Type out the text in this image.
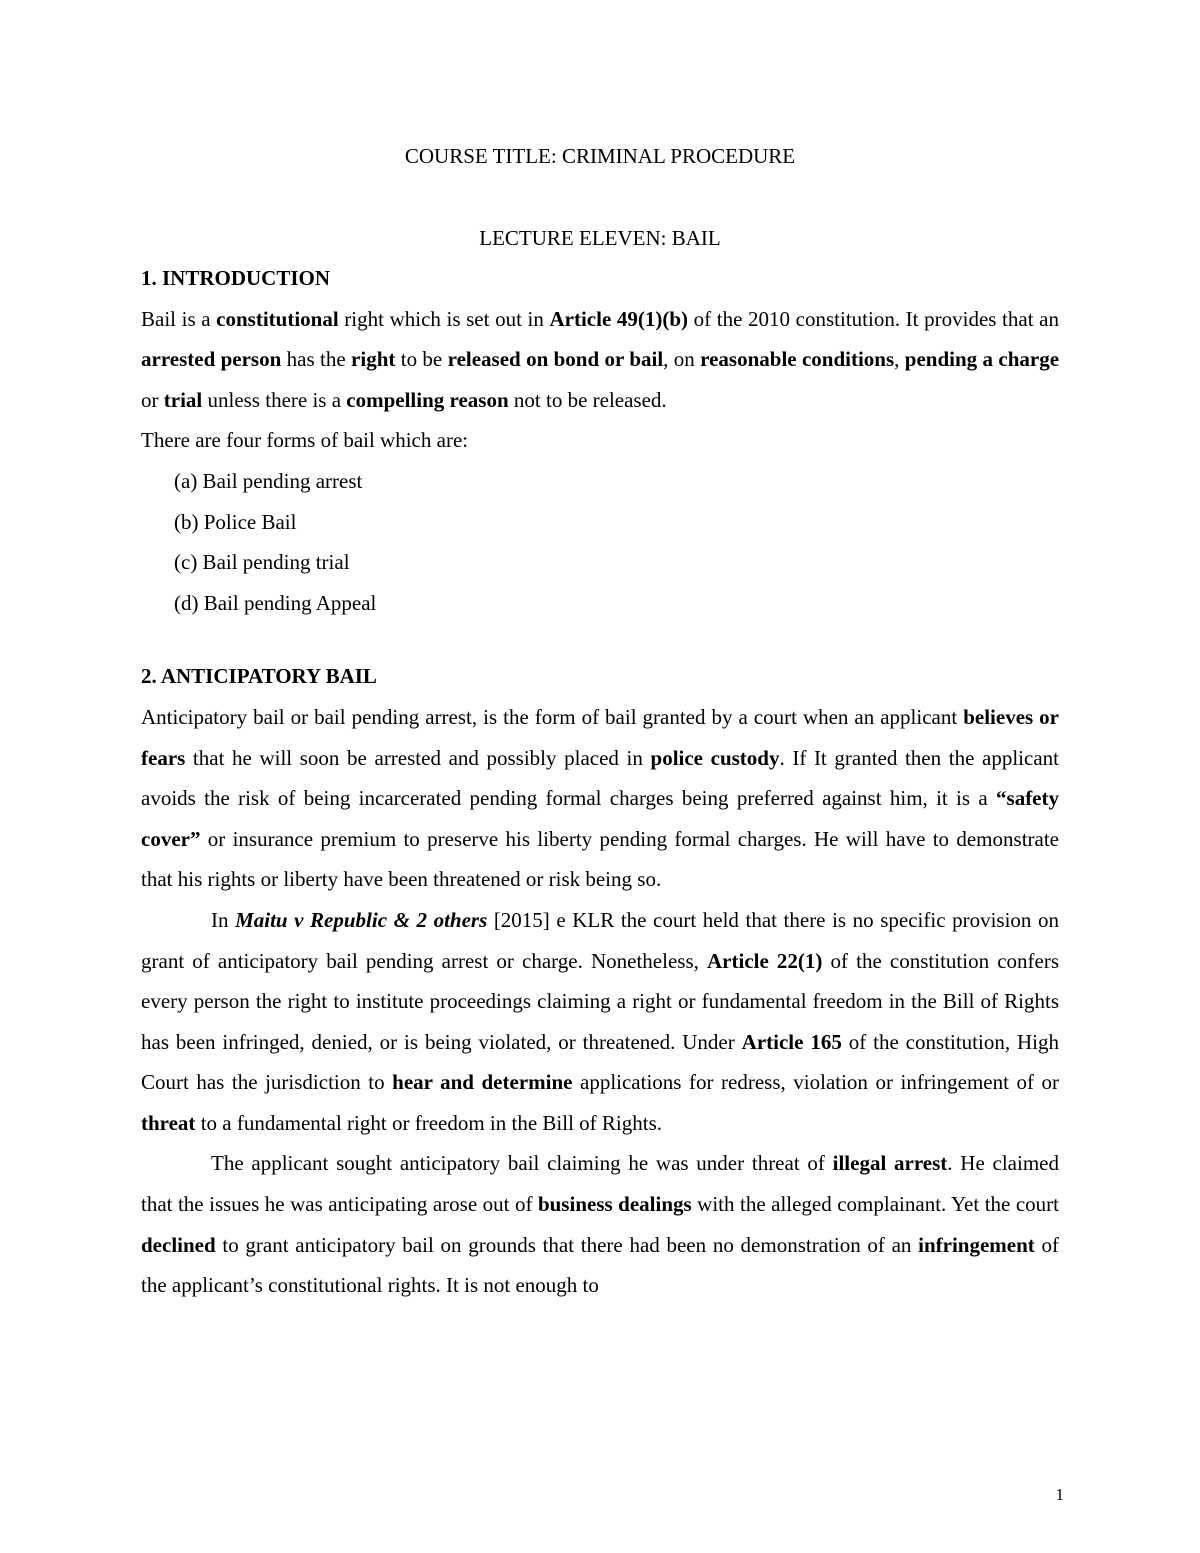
COURSE TITLE: CRIMINAL PROCEDURE
LECTURE ELEVEN: BAIL

1. INTRODUCTION

Bail is a constitutional right which is set out in Article 49(1)(b) of the 2010 constitution. It provides that an arrested person has the right to be released on bond or bail, on reasonable conditions, pending a charge or trial unless there is a compelling reason not to be released.

There are four forms of bail which are:

(a) Bail pending arrest
(b) Police Bail
(c) Bail pending trial
(d) Bail pending Appeal

2. ANTICIPATORY BAIL

Anticipatory bail or bail pending arrest, is the form of bail granted by a court when an applicant believes or fears that he will soon be arrested and possibly placed in police custody. If It granted then the applicant avoids the risk of being incarcerated pending formal charges being preferred against him, it is a “safety cover” or insurance premium to preserve his liberty pending formal charges. He will have to demonstrate that his rights or liberty have been threatened or risk being so.

In Maitu v Republic & 2 others [2015] e KLR the court held that there is no specific provision on grant of anticipatory bail pending arrest or charge. Nonetheless, Article 22(1) of the constitution confers every person the right to institute proceedings claiming a right or fundamental freedom in the Bill of Rights has been infringed, denied, or is being violated, or threatened. Under Article 165 of the constitution, High Court has the jurisdiction to hear and determine applications for redress, violation or infringement of or threat to a fundamental right or freedom in the Bill of Rights.

The applicant sought anticipatory bail claiming he was under threat of illegal arrest. He claimed that the issues he was anticipating arose out of business dealings with the alleged complainant. Yet the court declined to grant anticipatory bail on grounds that there had been no demonstration of an infringement of the applicant’s constitutional rights. It is not enough to

1
